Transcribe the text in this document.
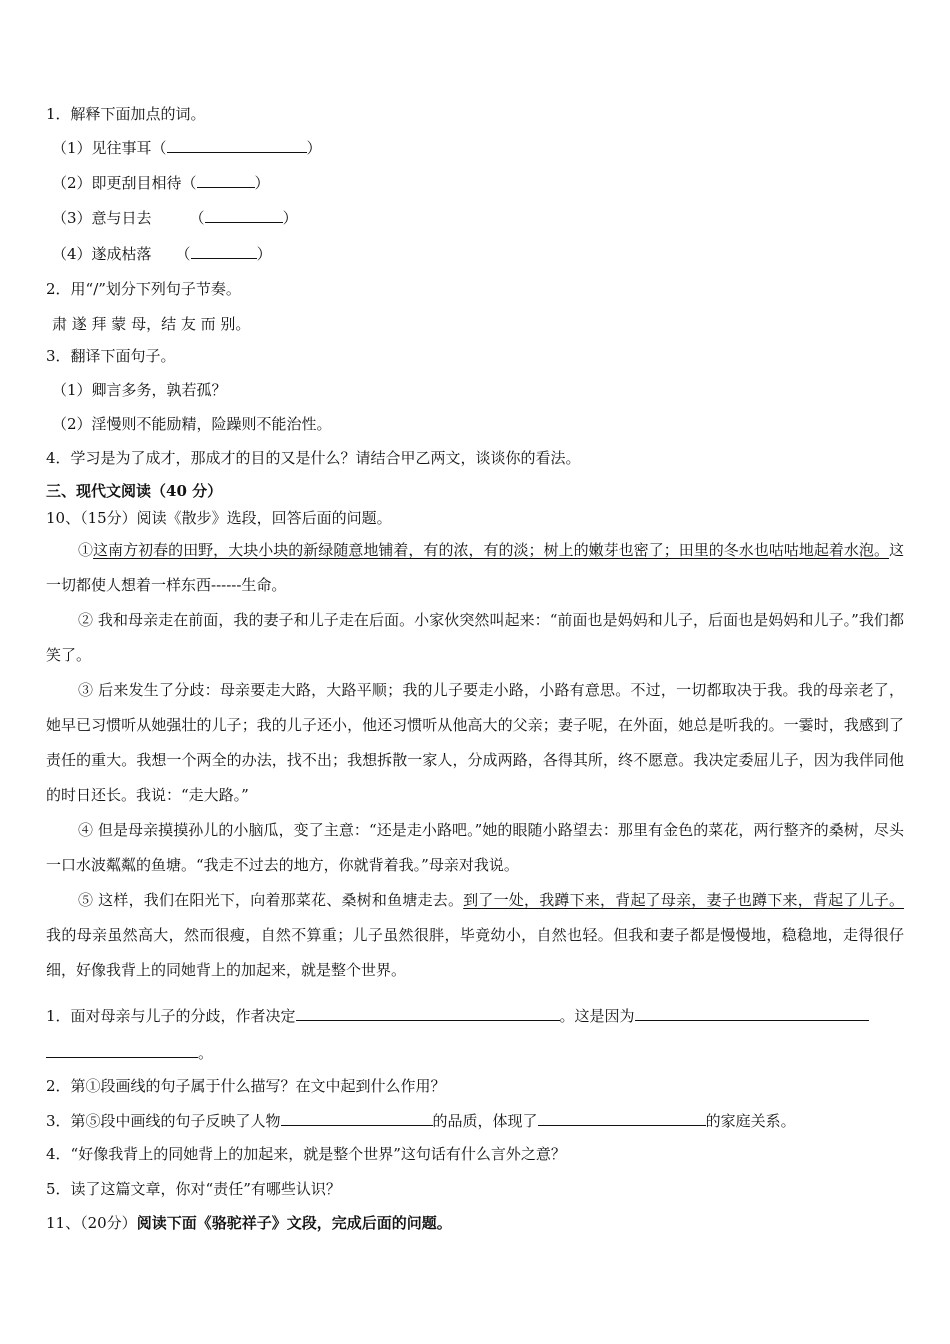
1．解释下面加点的词。
（1）见往事耳（	）
（2）即更刮目相待（	）
（3）意与日去	（	）
（4）遂成枯落 （	）
2．用“/”划分下列句子节奏。
肃 遂 拜 蒙 母，结 友 而 别。
3．翻译下面句子。
（1）卿言多务，孰若孤？
（2）淫慢则不能励精，险躁则不能治性。
4．学习是为了成才，那成才的目的又是什么？请结合甲乙两文，谈谈你的看法。
三、现代文阅读（40 分）
10、（15分）阅读《散步》选段，回答后面的问题。
①这南方初春的田野，大块小块的新绿随意地铺着，有的浓，有的淡；树上的嫩芽也密了；田里的冬水也咕咕地起着水泡。这一切都使人想着一样东西------生命。
② 我和母亲走在前面，我的妻子和儿子走在后面。小家伙突然叫起来：“前面也是妈妈和儿子，后面也是妈妈和儿子。”我们都笑了。
③ 后来发生了分歧：母亲要走大路，大路平顺；我的儿子要走小路，小路有意思。不过，一切都取决于我。我的母亲老了，她早已习惯听从她强壮的儿子；我的儿子还小，他还习惯听从他高大的父亲；妻子呢，在外面，她总是听我的。一霎时，我感到了责任的重大。我想一个两全的办法，找不出；我想拆散一家人，分成两路，各得其所，终不愿意。我决定委屈儿子，因为我伴同他的时日还长。我说：“走大路。”
④ 但是母亲摸摸孙儿的小脑瓜，变了主意：“还是走小路吧。”她的眼随小路望去：那里有金色的菜花，两行整齐的桑树，尽头一口水波粼粼的鱼塘。“我走不过去的地方，你就背着我。”母亲对我说。
⑤ 这样，我们在阳光下，向着那菜花、桑树和鱼塘走去。到了一处，我蹲下来，背起了母亲，妻子也蹲下来，背起了儿子。我的母亲虽然高大，然而很瘦，自然不算重；儿子虽然很胖，毕竟幼小，自然也轻。但我和妻子都是慢慢地，稳稳地，走得很仔细，好像我背上的同她背上的加起来，就是整个世界。
1．面对母亲与儿子的分歧，作者决定	。这是因为
。
2．第①段画线的句子属于什么描写？在文中起到什么作用？
3．第⑤段中画线的句子反映了人物	的品质，体现了	的家庭关系。
4．“好像我背上的同她背上的加起来，就是整个世界”这句话有什么言外之意？
5．读了这篇文章，你对“责任”有哪些认识？
11、（20分）阅读下面《骆驼祥子》文段，完成后面的问题。
